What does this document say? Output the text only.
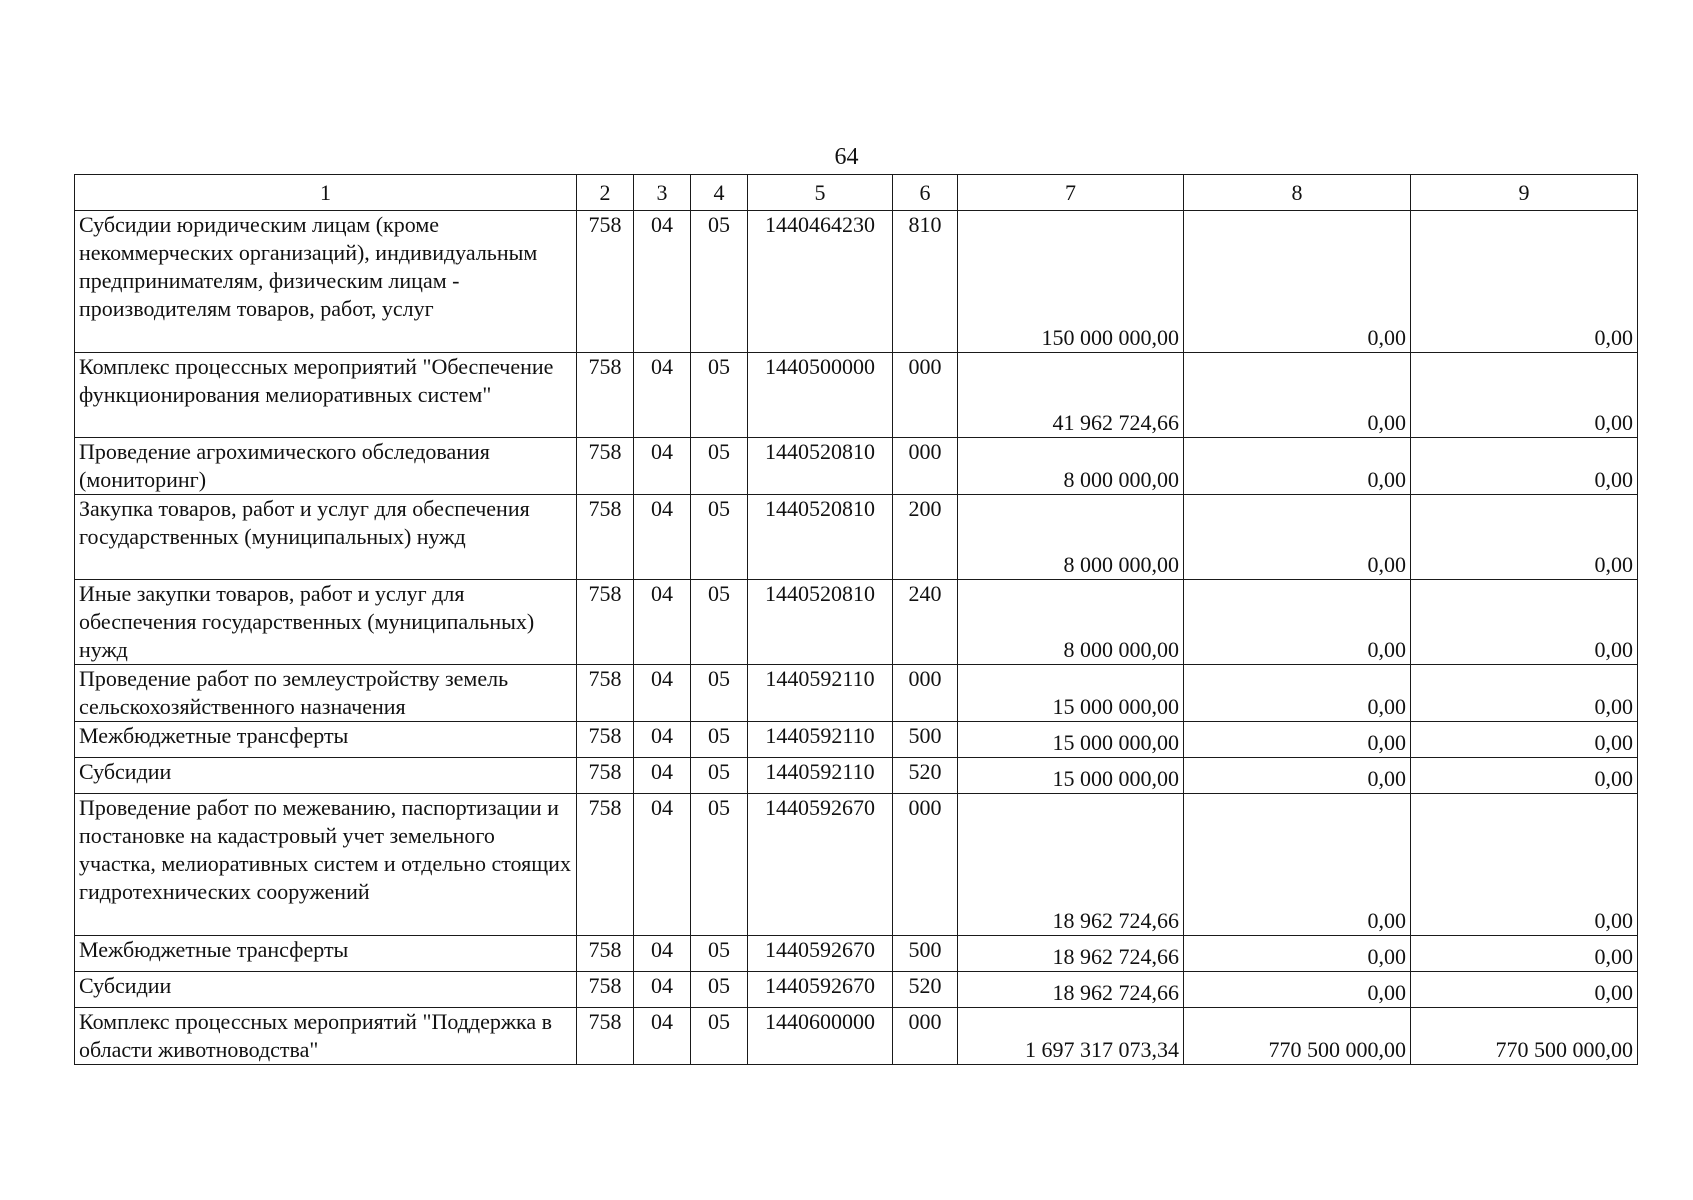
64
1	2	3	4	5	6	7	8	9
Субсидии юридическим лицам (кроме некоммерческих организаций), индивидуальным предпринимателям, физическим лицам - производителям товаров, работ, услуг	758	04	05	1440464230	810	150 000 000,00	0,00	0,00
Комплекс процессных мероприятий "Обеспечение функционирования мелиоративных систем"	758	04	05	1440500000	000	41 962 724,66	0,00	0,00
Проведение агрохимического обследования (мониторинг)	758	04	05	1440520810	000	8 000 000,00	0,00	0,00
Закупка товаров, работ и услуг для обеспечения государственных (муниципальных) нужд	758	04	05	1440520810	200	8 000 000,00	0,00	0,00
Иные закупки товаров, работ и услуг для обеспечения государственных (муниципальных) нужд	758	04	05	1440520810	240	8 000 000,00	0,00	0,00
Проведение работ по землеустройству земель сельскохозяйственного назначения	758	04	05	1440592110	000	15 000 000,00	0,00	0,00
Межбюджетные трансферты	758	04	05	1440592110	500	15 000 000,00	0,00	0,00
Субсидии	758	04	05	1440592110	520	15 000 000,00	0,00	0,00
Проведение работ по межеванию, паспортизации и постановке на кадастровый учет земельного участка, мелиоративных систем и отдельно стоящих гидротехнических сооружений	758	04	05	1440592670	000	18 962 724,66	0,00	0,00
Межбюджетные трансферты	758	04	05	1440592670	500	18 962 724,66	0,00	0,00
Субсидии	758	04	05	1440592670	520	18 962 724,66	0,00	0,00
Комплекс процессных мероприятий "Поддержка в области животноводства"	758	04	05	1440600000	000	1 697 317 073,34	770 500 000,00	770 500 000,00
